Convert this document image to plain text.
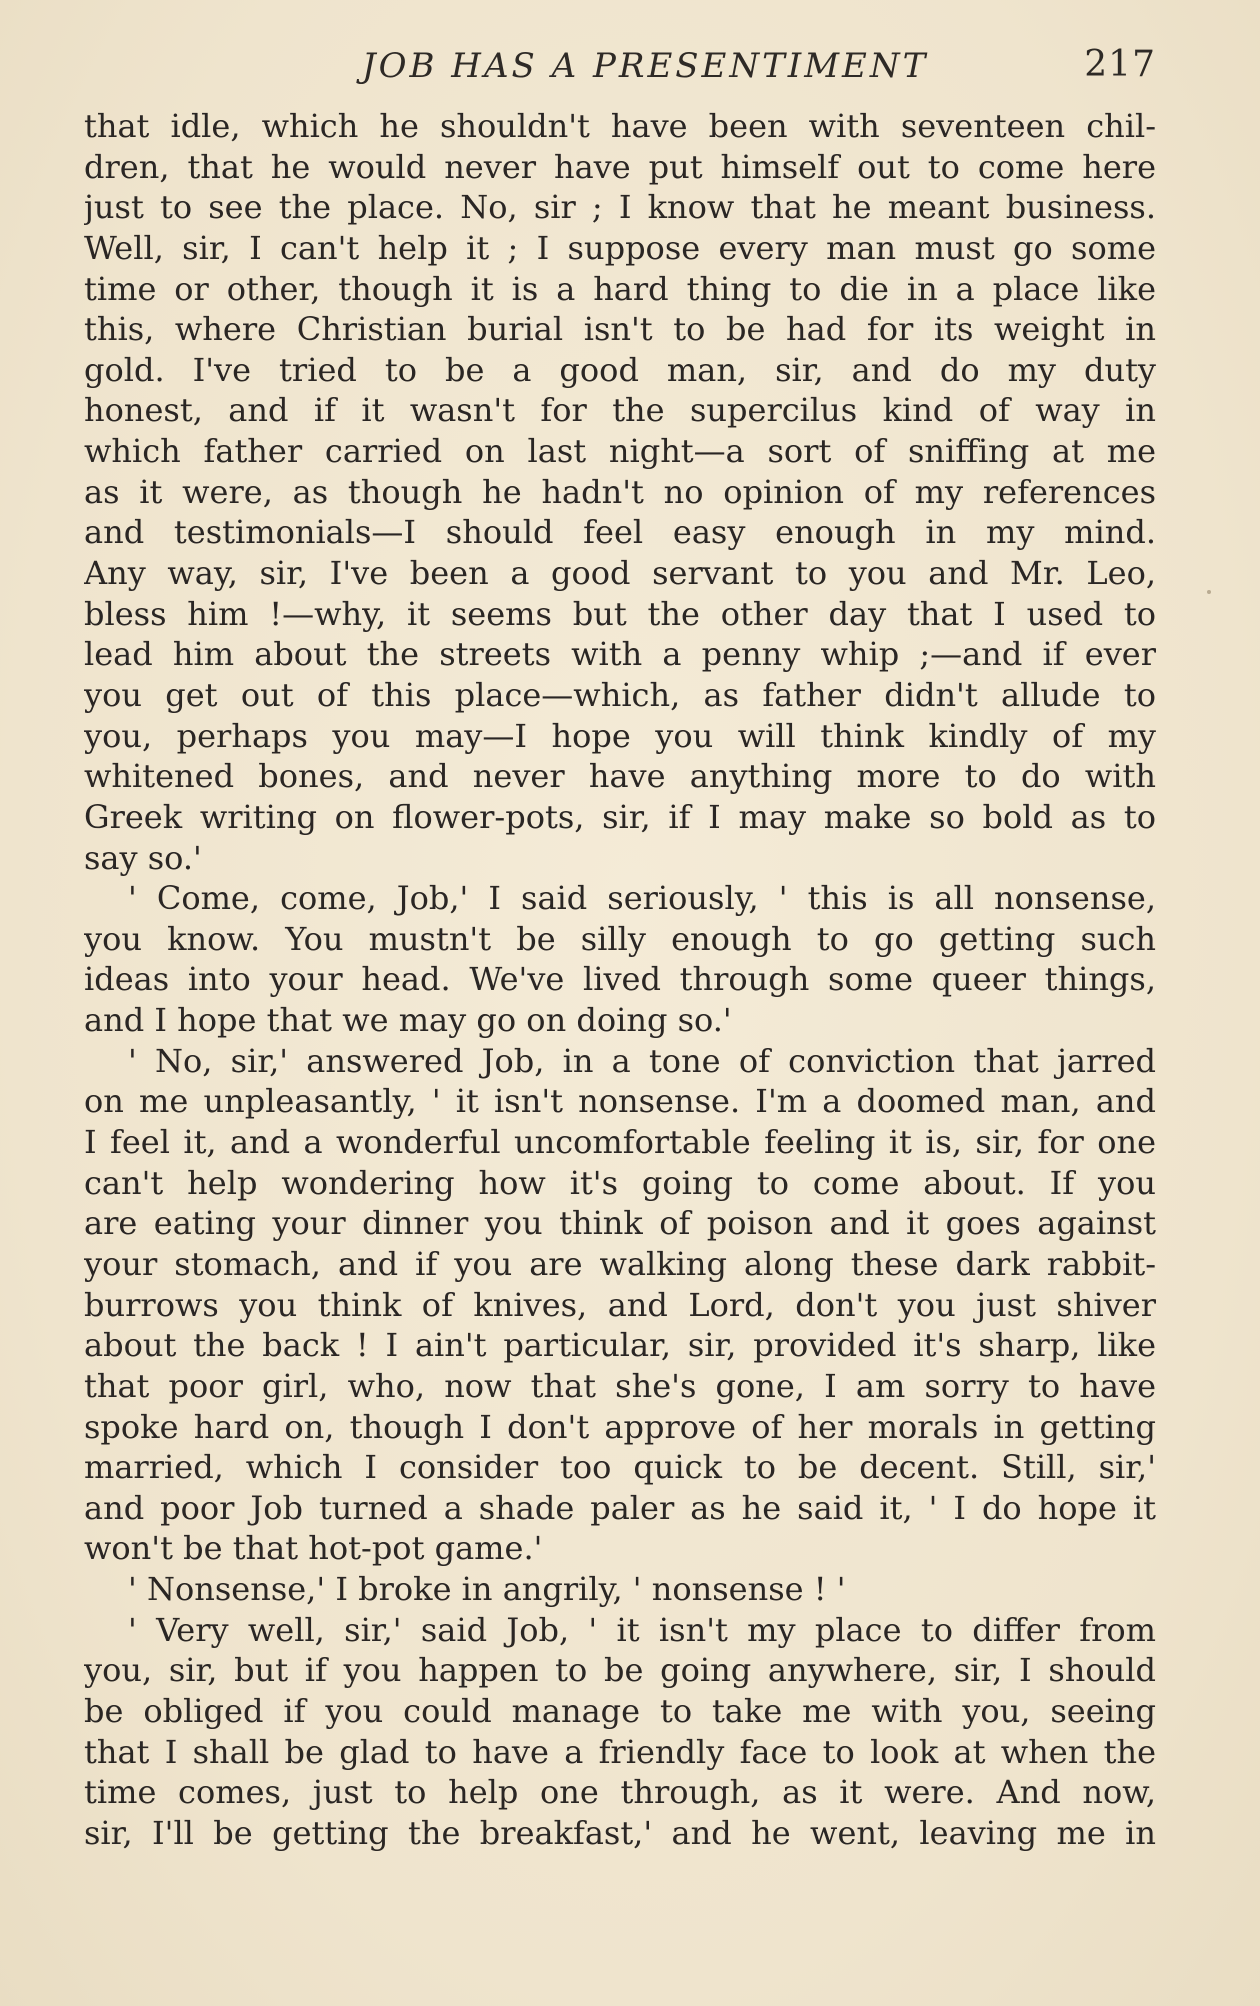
JOB HAS A PRESENTIMENT	217
that idle, which he shouldn't have been with seventeen chil-
dren, that he would never have put himself out to come here
just to see the place. No, sir ; I know that he meant business.
Well, sir, I can't help it ; I suppose every man must go some
time or other, though it is a hard thing to die in a place like
this, where Christian burial isn't to be had for its weight in
gold. I've tried to be a good man, sir, and do my duty
honest, and if it wasn't for the supercilus kind of way in
which father carried on last night—a sort of sniffing at me
as it were, as though he hadn't no opinion of my references
and testimonials—I should feel easy enough in my mind.
Any way, sir, I've been a good servant to you and Mr. Leo,
bless him !—why, it seems but the other day that I used to
lead him about the streets with a penny whip ;—and if ever
you get out of this place—which, as father didn't allude to
you, perhaps you may—I hope you will think kindly of my
whitened bones, and never have anything more to do with
Greek writing on flower-pots, sir, if I may make so bold as to
say so.'
' Come, come, Job,' I said seriously, ' this is all nonsense,
you know. You mustn't be silly enough to go getting such
ideas into your head. We've lived through some queer things,
and I hope that we may go on doing so.'
' No, sir,' answered Job, in a tone of conviction that jarred
on me unpleasantly, ' it isn't nonsense. I'm a doomed man, and
I feel it, and a wonderful uncomfortable feeling it is, sir, for one
can't help wondering how it's going to come about. If you
are eating your dinner you think of poison and it goes against
your stomach, and if you are walking along these dark rabbit-
burrows you think of knives, and Lord, don't you just shiver
about the back ! I ain't particular, sir, provided it's sharp, like
that poor girl, who, now that she's gone, I am sorry to have
spoke hard on, though I don't approve of her morals in getting
married, which I consider too quick to be decent. Still, sir,'
and poor Job turned a shade paler as he said it, ' I do hope it
won't be that hot-pot game.'
' Nonsense,' I broke in angrily, ' nonsense ! '
' Very well, sir,' said Job, ' it isn't my place to differ from
you, sir, but if you happen to be going anywhere, sir, I should
be obliged if you could manage to take me with you, seeing
that I shall be glad to have a friendly face to look at when the
time comes, just to help one through, as it were. And now,
sir, I'll be getting the breakfast,' and he went, leaving me in
